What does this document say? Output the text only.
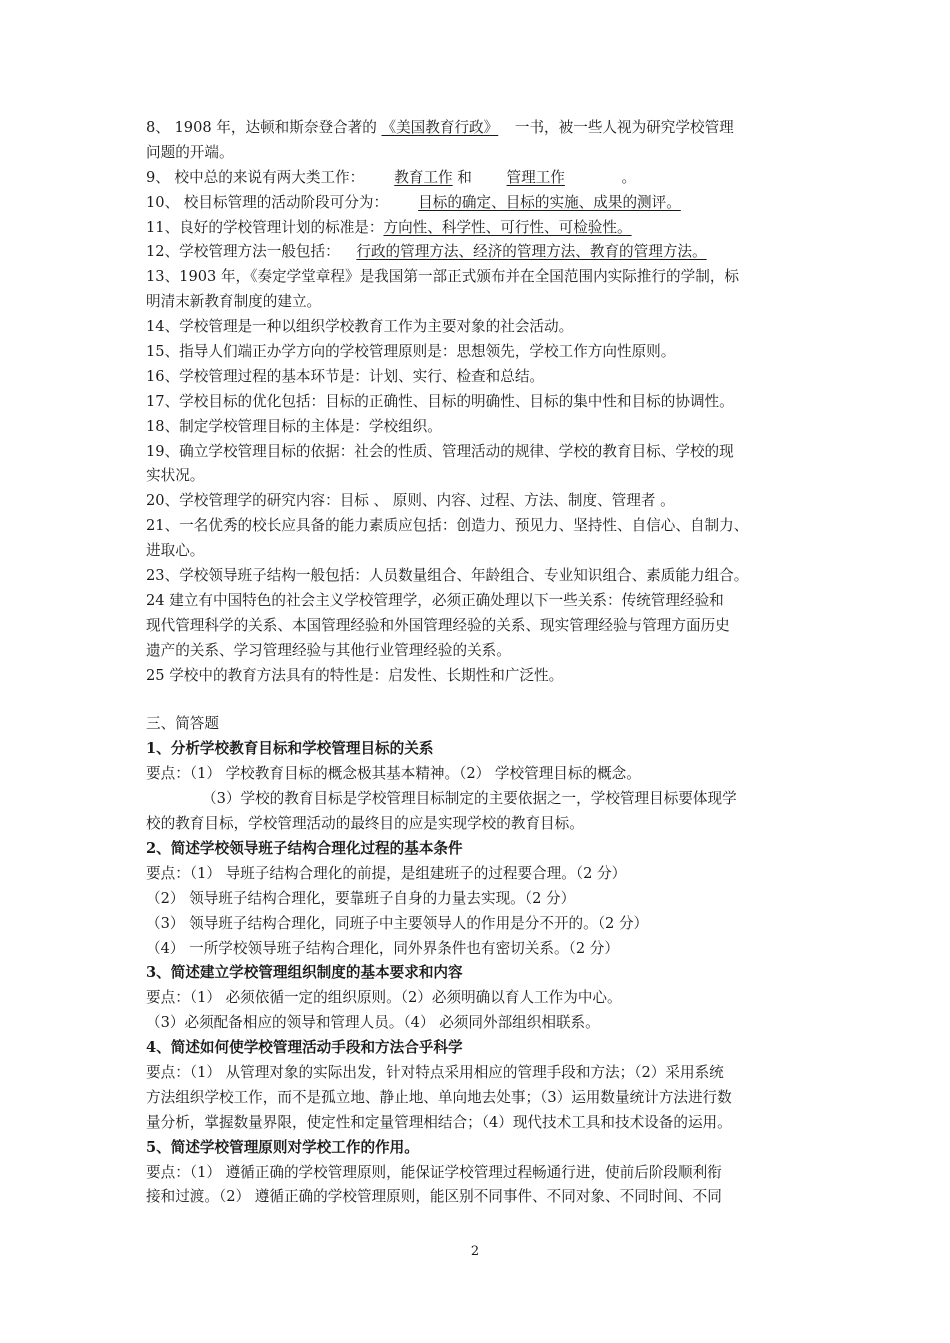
8、 1908 年，达顿和斯奈登合著的 《美国教育行政》 一书，被一些人视为研究学校管理
问题的开端。
9、 校中总的来说有两大类工作： 教育工作 和 管理工作	。
10、 校目标管理的活动阶段可分为： 目标的确定、目标的实施、成果的测评。
11、良好的学校管理计划的标准是：方向性、科学性、可行性、可检验性。
12、学校管理方法一般包括： 行政的管理方法、经济的管理方法、教育的管理方法。
13、1903 年，《奏定学堂章程》是我国第一部正式颁布并在全国范围内实际推行的学制，标
明清末新教育制度的建立。
14、学校管理是一种以组织学校教育工作为主要对象的社会活动。
15、指导人们端正办学方向的学校管理原则是：思想领先，学校工作方向性原则。
16、学校管理过程的基本环节是：计划、实行、检查和总结。
17、学校目标的优化包括：目标的正确性、目标的明确性、目标的集中性和目标的协调性。
18、制定学校管理目标的主体是：学校组织。
19、确立学校管理目标的依据：社会的性质、管理活动的规律、学校的教育目标、学校的现
实状况。
20、学校管理学的研究内容：目标 、 原则、内容、过程、方法、制度、管理者 。
21、一名优秀的校长应具备的能力素质应包括：创造力、预见力、坚持性、自信心、自制力、
进取心。
23、学校领导班子结构一般包括：人员数量组合、年龄组合、专业知识组合、素质能力组合。
24 建立有中国特色的社会主义学校管理学，必须正确处理以下一些关系：传统管理经验和
现代管理科学的关系、本国管理经验和外国管理经验的关系、现实管理经验与管理方面历史
遗产的关系、学习管理经验与其他行业管理经验的关系。
25 学校中的教育方法具有的特性是：启发性、长期性和广泛性。
三、简答题
1、分析学校教育目标和学校管理目标的关系
要点：（1） 学校教育目标的概念极其基本精神。（2） 学校管理目标的概念。
（3）学校的教育目标是学校管理目标制定的主要依据之一，学校管理目标要体现学
校的教育目标，学校管理活动的最终目的应是实现学校的教育目标。
2、简述学校领导班子结构合理化过程的基本条件
要点：（1） 导班子结构合理化的前提，是组建班子的过程要合理。（2 分）
（2） 领导班子结构合理化，要靠班子自身的力量去实现。（2 分）
（3） 领导班子结构合理化，同班子中主要领导人的作用是分不开的。（2 分）
（4） 一所学校领导班子结构合理化，同外界条件也有密切关系。（2 分）
3、简述建立学校管理组织制度的基本要求和内容
要点：（1） 必须依循一定的组织原则。（2）必须明确以育人工作为中心。
（3）必须配备相应的领导和管理人员。（4） 必须同外部组织相联系。
4、简述如何使学校管理活动手段和方法合乎科学
要点：（1） 从管理对象的实际出发，针对特点采用相应的管理手段和方法；（2）采用系统
方法组织学校工作，而不是孤立地、静止地、单向地去处事；（3）运用数量统计方法进行数
量分析，掌握数量界限，使定性和定量管理相结合；（4）现代技术工具和技术设备的运用。
5、简述学校管理原则对学校工作的作用。
要点：（1） 遵循正确的学校管理原则，能保证学校管理过程畅通行进，使前后阶段顺利衔
接和过渡。（2） 遵循正确的学校管理原则，能区别不同事件、不同对象、不同时间、不同
2
